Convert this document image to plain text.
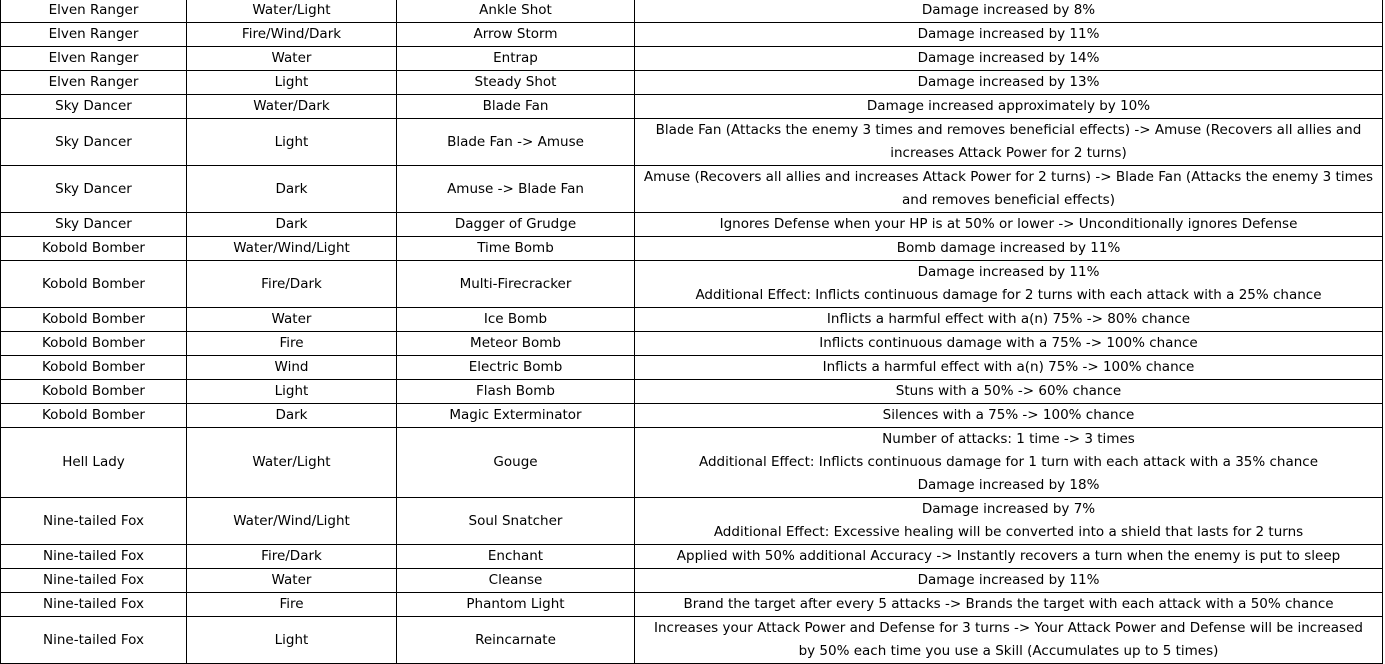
Elven Ranger	Water/Light	Ankle Shot	Damage increased by 8%

Elven Ranger	Fire/Wind/Dark	Arrow Storm	Damage increased by 11%

Elven Ranger	Water	Entrap	Damage increased by 14%

Elven Ranger	Light	Steady Shot	Damage increased by 13%

Sky Dancer	Water/Dark	Blade Fan	Damage increased approximately by 10%

Sky Dancer	Light	Blade Fan -> Amuse	Blade Fan (Attacks the enemy 3 times and removes beneficial effects) -> Amuse (Recovers all allies and
increases Attack Power for 2 turns)

Sky Dancer	Dark	Amuse -> Blade Fan	Amuse (Recovers all allies and increases Attack Power for 2 turns) -> Blade Fan (Attacks the enemy 3 times
and removes beneficial effects)

Sky Dancer	Dark	Dagger of Grudge	Ignores Defense when your HP is at 50% or lower -> Unconditionally ignores Defense

Kobold Bomber	Water/Wind/Light	Time Bomb	Bomb damage increased by 11%

Kobold Bomber	Fire/Dark	Multi-Firecracker	Damage increased by 11%
Additional Effect: Inflicts continuous damage for 2 turns with each attack with a 25% chance

Kobold Bomber	Water	Ice Bomb	Inflicts a harmful effect with a(n) 75% -> 80% chance

Kobold Bomber	Fire	Meteor Bomb	Inflicts continuous damage with a 75% -> 100% chance

Kobold Bomber	Wind	Electric Bomb	Inflicts a harmful effect with a(n) 75% -> 100% chance

Kobold Bomber	Light	Flash Bomb	Stuns with a 50% -> 60% chance

Kobold Bomber	Dark	Magic Exterminator	Silences with a 75% -> 100% chance

Hell Lady	Water/Light	Gouge	Number of attacks: 1 time -> 3 times
Additional Effect: Inflicts continuous damage for 1 turn with each attack with a 35% chance
Damage increased by 18%

Nine-tailed Fox	Water/Wind/Light	Soul Snatcher	Damage increased by 7%
Additional Effect: Excessive healing will be converted into a shield that lasts for 2 turns

Nine-tailed Fox	Fire/Dark	Enchant	Applied with 50% additional Accuracy -> Instantly recovers a turn when the enemy is put to sleep

Nine-tailed Fox	Water	Cleanse	Damage increased by 11%

Nine-tailed Fox	Fire	Phantom Light	Brand the target after every 5 attacks -> Brands the target with each attack with a 50% chance

Nine-tailed Fox	Light	Reincarnate	Increases your Attack Power and Defense for 3 turns -> Your Attack Power and Defense will be increased
by 50% each time you use a Skill (Accumulates up to 5 times)
